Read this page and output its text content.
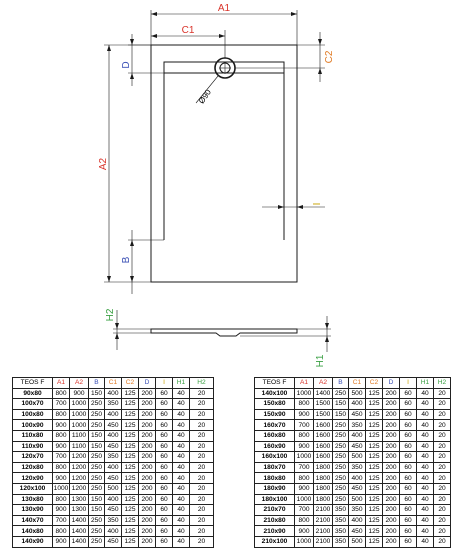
A1
C1
C2
D
A2
B
I
Ø90
H2
H1
TEOS F	A1	A2	B	C1	C2	D	I	H1	H2
90x80	800	900	150	400	125	200	60	40	20
100x70	700	1000	250	350	125	200	60	40	20
100x80	800	1000	250	400	125	200	60	40	20
100x90	900	1000	250	450	125	200	60	40	20
110x80	800	1100	150	400	125	200	60	40	20
110x90	900	1100	150	450	125	200	60	40	20
120x70	700	1200	250	350	125	200	60	40	20
120x80	800	1200	250	400	125	200	60	40	20
120x90	900	1200	250	450	125	200	60	40	20
120x100	1000	1200	250	500	125	200	60	40	20
130x80	800	1300	150	400	125	200	60	40	20
130x90	900	1300	150	450	125	200	60	40	20
140x70	700	1400	250	350	125	200	60	40	20
140x80	800	1400	250	400	125	200	60	40	20
140x90	900	1400	250	450	125	200	60	40	20
TEOS F	A1	A2	B	C1	C2	D	I	H1	H2
140x100	1000	1400	250	500	125	200	60	40	20
150x80	800	1500	150	400	125	200	60	40	20
150x90	900	1500	150	450	125	200	60	40	20
160x70	700	1600	250	350	125	200	60	40	20
160x80	800	1600	250	400	125	200	60	40	20
160x90	900	1600	250	450	125	200	60	40	20
160x100	1000	1600	250	500	125	200	60	40	20
180x70	700	1800	250	350	125	200	60	40	20
180x80	800	1800	250	400	125	200	60	40	20
180x90	900	1800	250	450	125	200	60	40	20
180x100	1000	1800	250	500	125	200	60	40	20
210x70	700	2100	350	350	125	200	60	40	20
210x80	800	2100	350	400	125	200	60	40	20
210x90	900	2100	350	450	125	200	60	40	20
210x100	1000	2100	350	500	125	200	60	40	20
